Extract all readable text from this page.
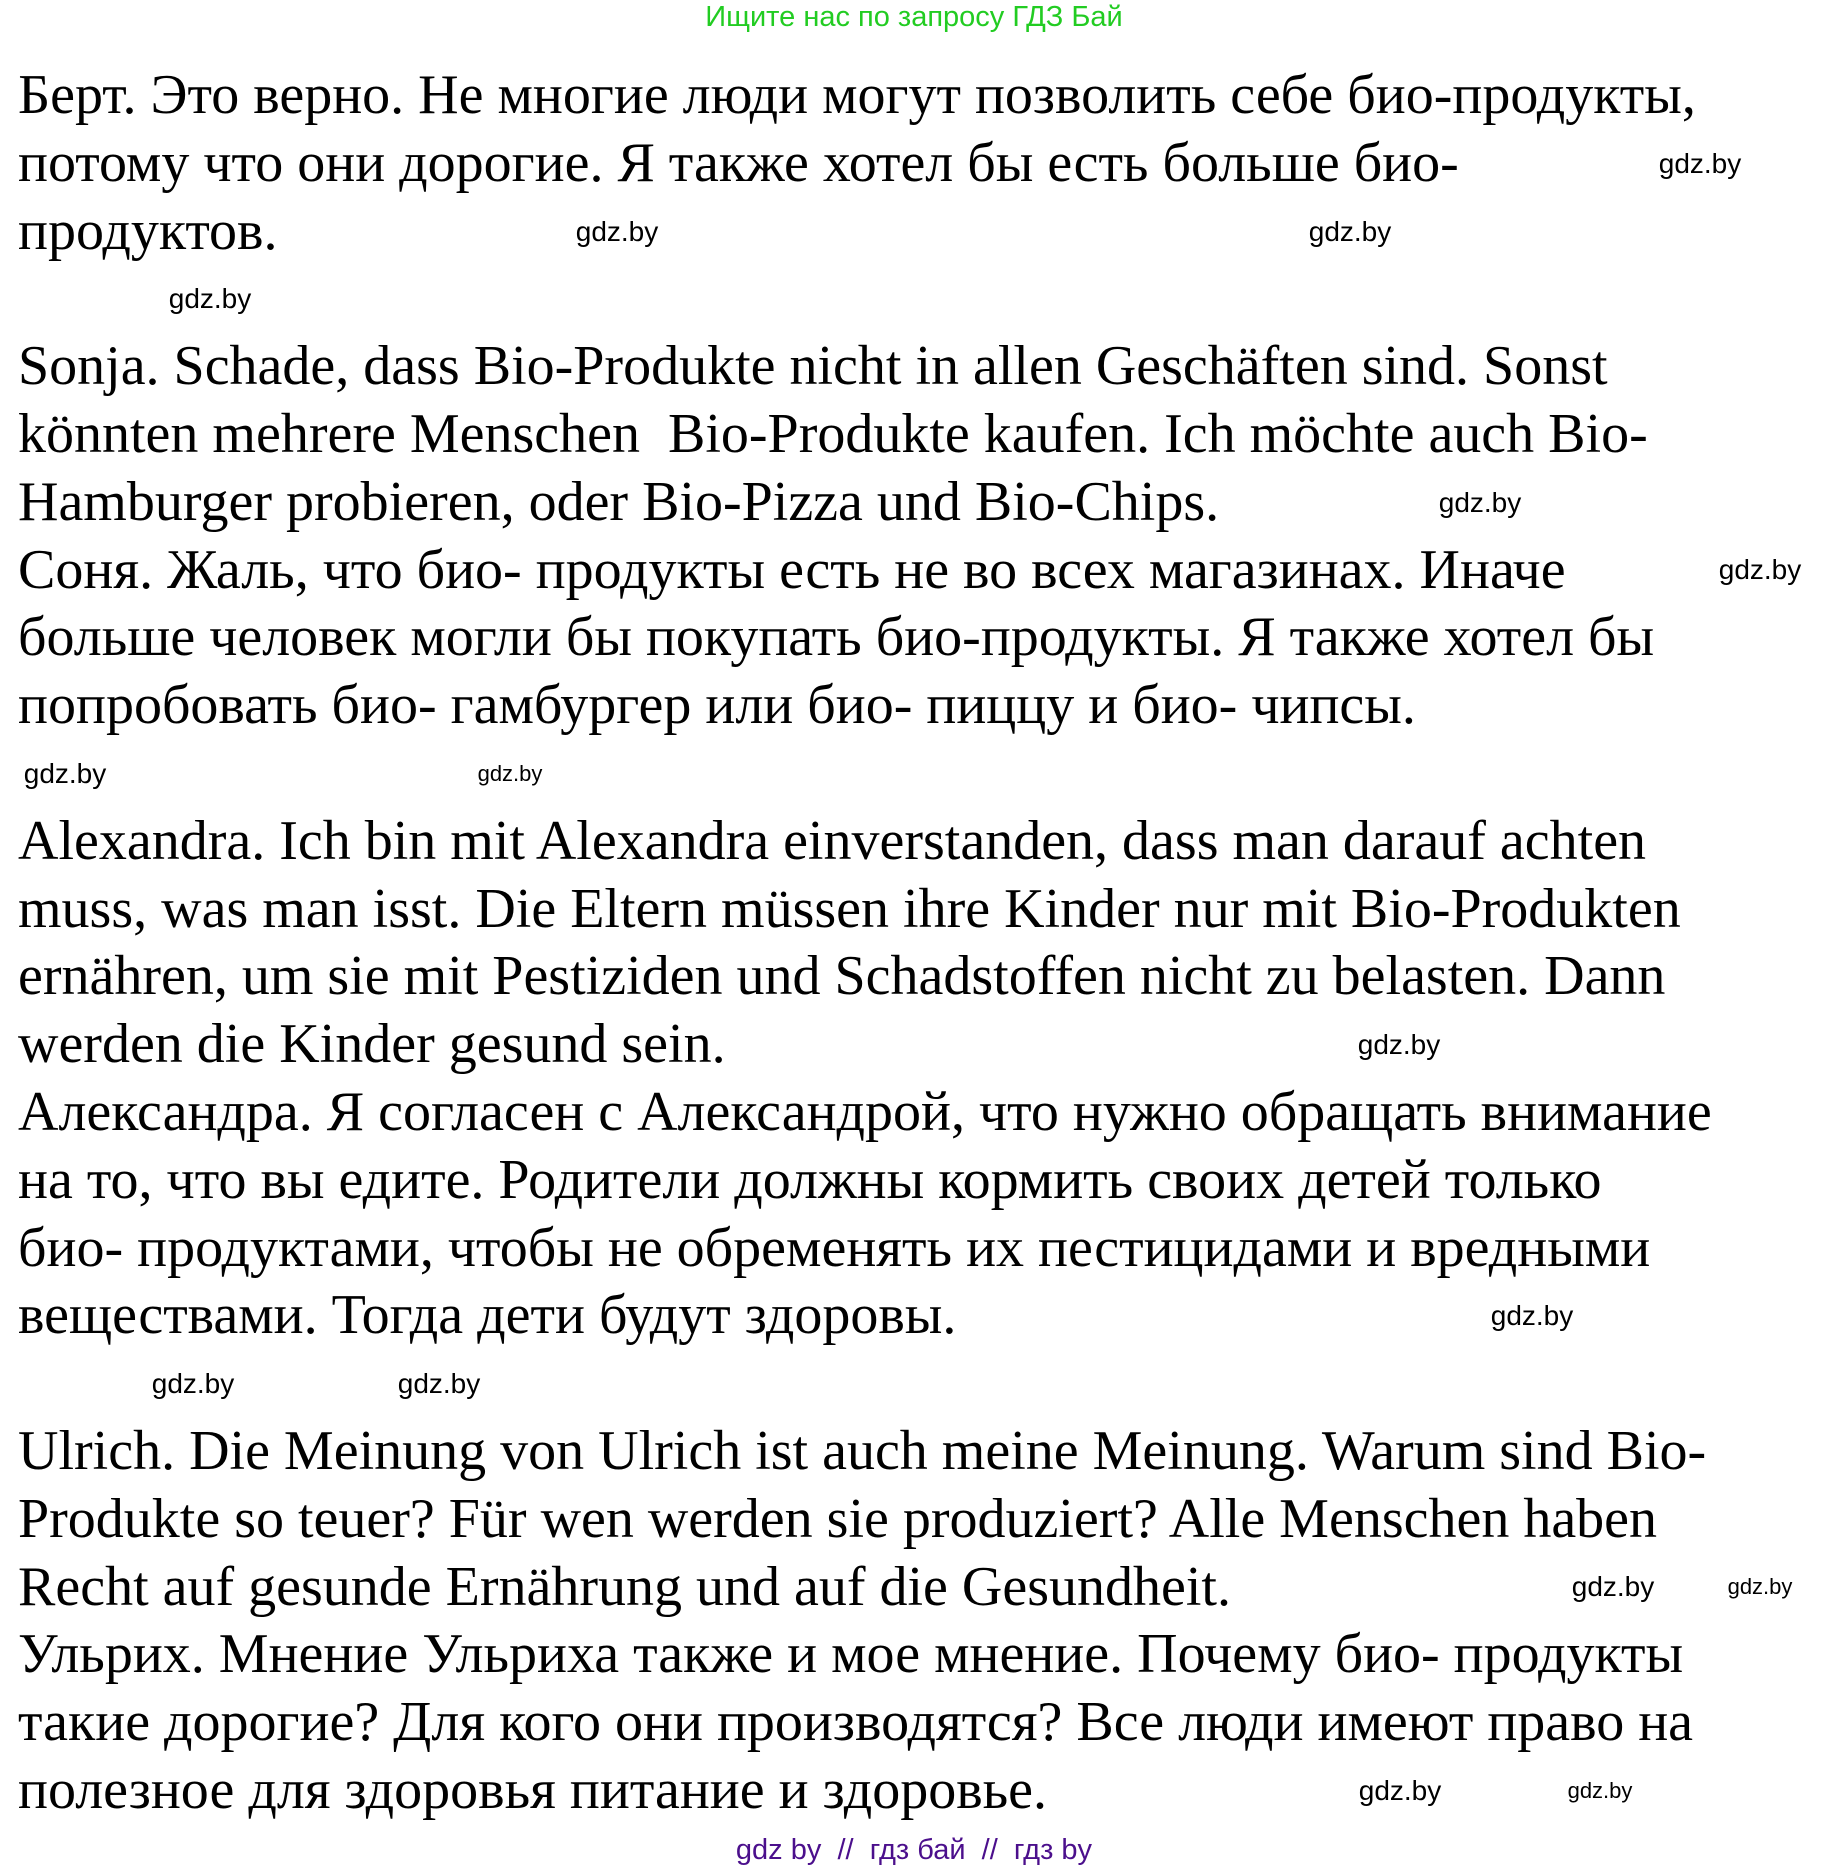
Ищите нас по запросу ГДЗ Бай
Берт. Это верно. Не многие люди могут позволить себе био-продукты,
потому что они дорогие. Я также хотел бы есть больше био-
продуктов.
Sonja. Schade, dass Bio-Produkte nicht in allen Geschäften sind. Sonst
könnten mehrere Menschen  Bio-Produkte kaufen. Ich möchte auch Bio-
Hamburger probieren, oder Bio-Pizza und Bio-Chips.
Соня. Жаль, что био- продукты есть не во всех магазинах. Иначе
больше человек могли бы покупать био-продукты. Я также хотел бы
попробовать био- гамбургер или био- пиццу и био- чипсы.
Alexandra. Ich bin mit Alexandra einverstanden, dass man darauf achten
muss, was man isst. Die Eltern müssen ihre Kinder nur mit Bio-Produkten
ernähren, um sie mit Pestiziden und Schadstoffen nicht zu belasten. Dann
werden die Kinder gesund sein.
Александра. Я согласен с Александрой, что нужно обращать внимание
на то, что вы едите. Родители должны кормить своих детей только
био- продуктами, чтобы не обременять их пестицидами и вредными
веществами. Тогда дети будут здоровы.
Ulrich. Die Meinung von Ulrich ist auch meine Meinung. Warum sind Bio-
Produkte so teuer? Für wen werden sie produziert? Alle Menschen haben
Recht auf gesunde Ernährung und auf die Gesundheit.
Ульрих. Мнение Ульриха также и мое мнение. Почему био- продукты
такие дорогие? Для кого они производятся? Все люди имеют право на
полезное для здоровья питание и здоровье.
gdz.by
gdz.by
gdz.by
gdz.by
gdz.by
gdz.by
gdz.by
gdz.by
gdz.by
gdz.by
gdz.by	gdz.by
gdz.by	gdz.by
gdz.by
gdz.by
gdz by  //  гдз бай  //  гдз by
